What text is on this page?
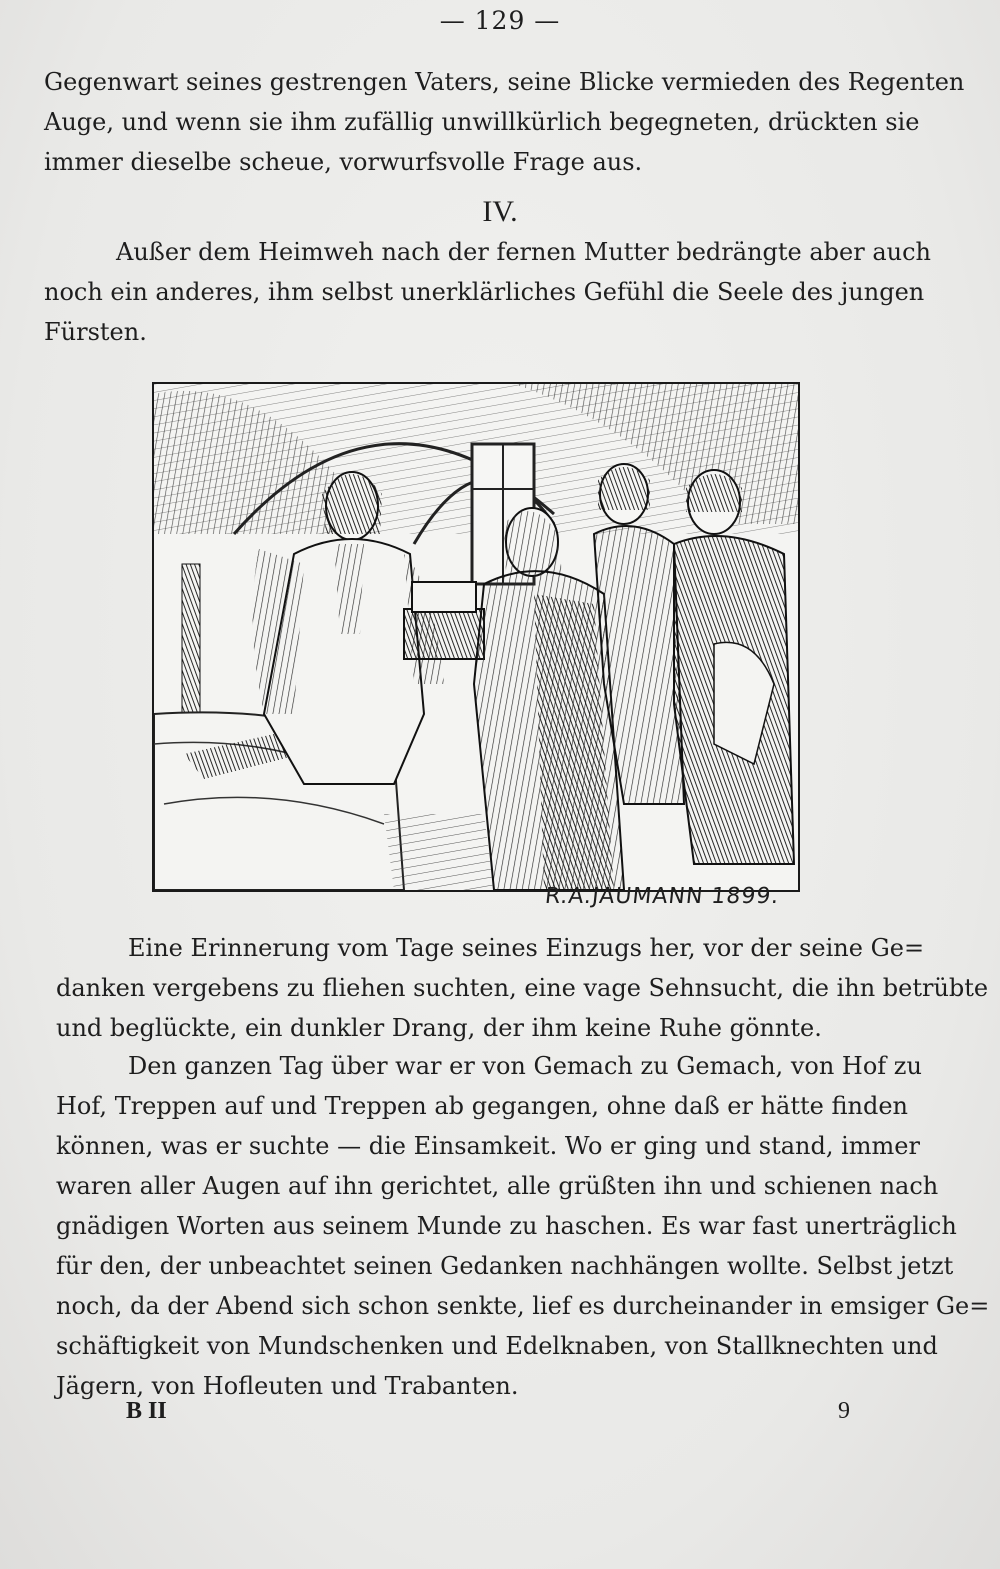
— 129 —

Gegenwart seines gestrengen Vaters, seine Blicke vermieden des Regenten
Auge, und wenn sie ihm zufällig unwillkürlich begegneten, drückten sie
immer dieselbe scheue, vorwurfsvolle Frage aus.

IV.

Außer dem Heimweh nach der fernen Mutter bedrängte aber auch
noch ein anderes, ihm selbst unerklärliches Gefühl die Seele des jungen
Fürsten.

R.A.JAUMANN 1899.

Eine Erinnerung vom Tage seines Einzugs her, vor der seine Ge=
danken vergebens zu fliehen suchten, eine vage Sehnsucht, die ihn betrübte
und beglückte, ein dunkler Drang, der ihm keine Ruhe gönnte.

Den ganzen Tag über war er von Gemach zu Gemach, von Hof zu
Hof, Treppen auf und Treppen ab gegangen, ohne daß er hätte finden
können, was er suchte — die Einsamkeit. Wo er ging und stand, immer
waren aller Augen auf ihn gerichtet, alle grüßten ihn und schienen nach
gnädigen Worten aus seinem Munde zu haschen. Es war fast unerträglich
für den, der unbeachtet seinen Gedanken nachhängen wollte. Selbst jetzt
noch, da der Abend sich schon senkte, lief es durcheinander in emsiger Ge=
schäftigkeit von Mundschenken und Edelknaben, von Stallknechten und
Jägern, von Hofleuten und Trabanten.

B II	9
